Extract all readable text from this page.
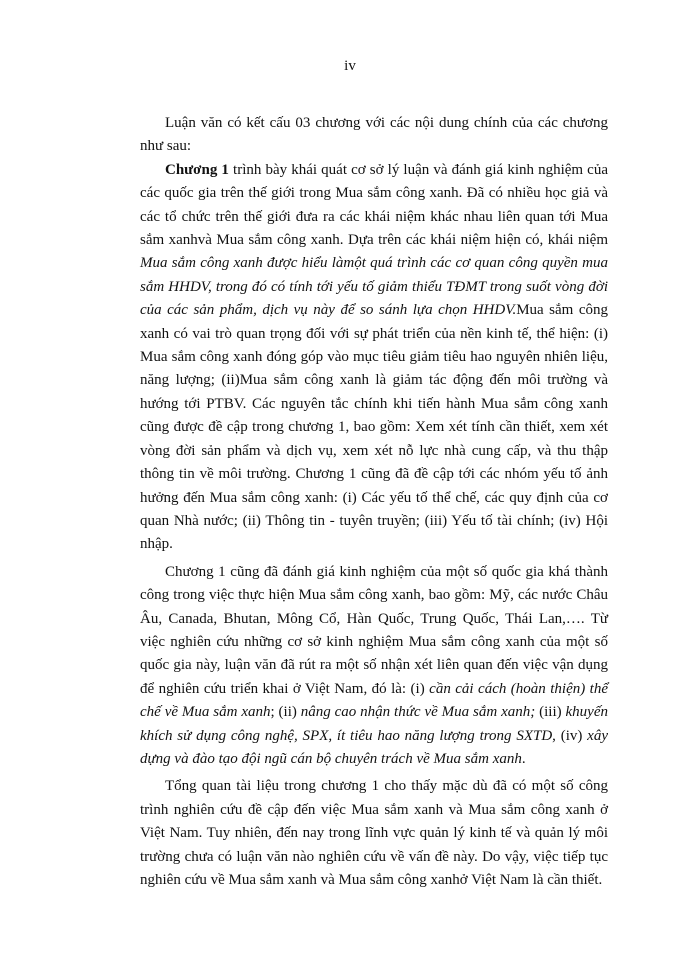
iv

Luận văn có kết cấu 03 chương với các nội dung chính của các chương như sau:

Chương 1 trình bày khái quát cơ sở lý luận và đánh giá kinh nghiệm của các quốc gia trên thế giới trong Mua sắm công xanh. Đã có nhiều học giả và các tổ chức trên thế giới đưa ra các khái niệm khác nhau liên quan tới Mua sắm xanhvà Mua sắm công xanh. Dựa trên các khái niệm hiện có, khái niệm Mua sắm công xanh được hiểu làmột quá trình các cơ quan công quyền mua sắm HHDV, trong đó có tính tới yếu tố giảm thiểu TĐMT trong suốt vòng đời của các sản phẩm, dịch vụ này để so sánh lựa chọn HHDV.Mua sắm công xanh có vai trò quan trọng đối với sự phát triển của nền kinh tế, thể hiện: (i) Mua sắm công xanh đóng góp vào mục tiêu giảm tiêu hao nguyên nhiên liệu, năng lượng; (ii)Mua sắm công xanh là giảm tác động đến môi trường và hướng tới PTBV. Các nguyên tắc chính khi tiến hành Mua sắm công xanh cũng được đề cập trong chương 1, bao gồm: Xem xét tính cần thiết, xem xét vòng đời sản phẩm và dịch vụ, xem xét nỗ lực nhà cung cấp, và thu thập thông tin về môi trường. Chương 1 cũng đã đề cập tới các nhóm yếu tố ảnh hưởng đến Mua sắm công xanh: (i) Các yếu tố thể chế, các quy định của cơ quan Nhà nước; (ii) Thông tin - tuyên truyền; (iii) Yếu tố tài chính; (iv) Hội nhập.

Chương 1 cũng đã đánh giá kinh nghiệm của một số quốc gia khá thành công trong việc thực hiện Mua sắm công xanh, bao gồm: Mỹ, các nước Châu Âu, Canada, Bhutan, Mông Cổ, Hàn Quốc, Trung Quốc, Thái Lan,…. Từ việc nghiên cứu những cơ sở kinh nghiệm Mua sắm công xanh của một số quốc gia này, luận văn đã rút ra một số nhận xét liên quan đến việc vận dụng để nghiên cứu triển khai ở Việt Nam, đó là: (i) cần cải cách (hoàn thiện) thể chế về Mua sắm xanh; (ii) nâng cao nhận thức về Mua sắm xanh; (iii) khuyến khích sử dụng công nghệ, SPX, ít tiêu hao năng lượng trong SXTD, (iv) xây dựng và đào tạo đội ngũ cán bộ chuyên trách về Mua sắm xanh.

Tổng quan tài liệu trong chương 1 cho thấy mặc dù đã có một số công trình nghiên cứu đề cập đến việc Mua sắm xanh và Mua sắm công xanh ở Việt Nam. Tuy nhiên, đến nay trong lĩnh vực quản lý kinh tế và quản lý môi trường chưa có luận văn nào nghiên cứu về vấn đề này. Do vậy, việc tiếp tục nghiên cứu về Mua sắm xanh và Mua sắm công xanhở Việt Nam là cần thiết.
